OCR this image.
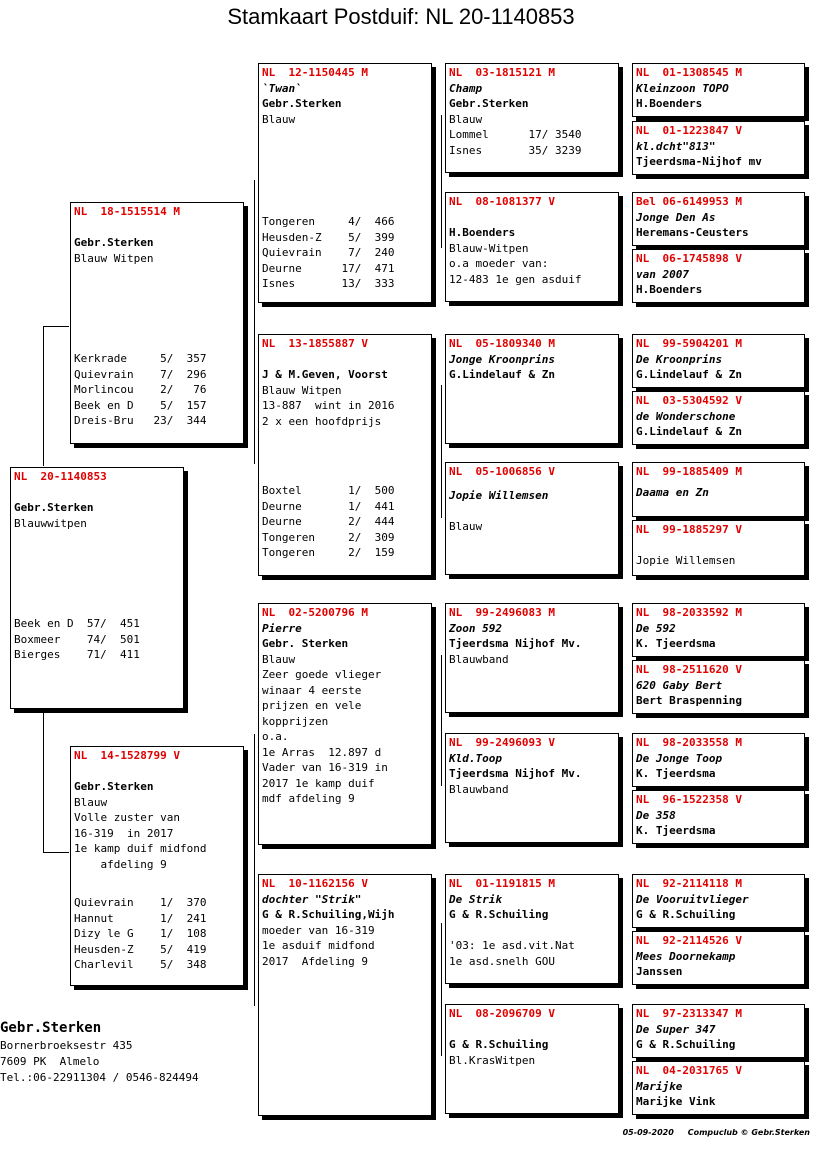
Stamkaart Postduif: NL 20-1140853
NL  20-1140853
Gebr.Sterken
Blauwwitpen
Beek en D  57/  451
Boxmeer    74/  501
Bierges    71/  411
NL  18-1515514 M
Gebr.Sterken
Blauw Witpen
Kerkrade     5/  357
Quievrain    7/  296
Morlincou    2/   76
Beek en D    5/  157
Dreis-Bru   23/  344
NL  14-1528799 V
Gebr.Sterken
Blauw
Volle zuster van
16-319  in 2017
1e kamp duif midfond
afdeling 9
Quievrain    1/  370
Hannut       1/  241
Dizy le G    1/  108
Heusden-Z    5/  419
Charlevil    5/  348
NL  12-1150445 M
`Twan`
Gebr.Sterken
Blauw
Tongeren     4/  466
Heusden-Z    5/  399
Quievrain    7/  240
Deurne      17/  471
Isnes       13/  333
NL  13-1855887 V
J & M.Geven, Voorst
Blauw Witpen
13-887  wint in 2016
2 x een hoofdprijs
Boxtel       1/  500
Deurne       1/  441
Deurne       2/  444
Tongeren     2/  309
Tongeren     2/  159
NL  02-5200796 M
Pierre
Gebr. Sterken
Blauw
Zeer goede vlieger
winaar 4 eerste
prijzen en vele
kopprijzen
o.a.
1e Arras  12.897 d
Vader van 16-319 in
2017 1e kamp duif
mdf afdeling 9
NL  10-1162156 V
dochter "Strik"
G & R.Schuiling,Wijh
moeder van 16-319
1e asduif midfond
2017  Afdeling 9
NL  03-1815121 M
Champ
Gebr.Sterken
Blauw
Lommel      17/ 3540
Isnes       35/ 3239
NL  08-1081377 V
H.Boenders
Blauw-Witpen
o.a moeder van:
12-483 1e gen asduif
NL  05-1809340 M
Jonge Kroonprins
G.Lindelauf & Zn
NL  05-1006856 V
Jopie Willemsen
Blauw
NL  99-2496083 M
Zoon 592
Tjeerdsma Nijhof Mv.
Blauwband
NL  99-2496093 V
Kld.Toop
Tjeerdsma Nijhof Mv.
Blauwband
NL  01-1191815 M
De Strik
G & R.Schuiling
'03: 1e asd.vit.Nat
1e asd.snelh GOU
NL  08-2096709 V
G & R.Schuiling
Bl.KrasWitpen
NL  01-1308545 M
Kleinzoon TOPO
H.Boenders
NL  01-1223847 V
kl.dcht"813"
Tjeerdsma-Nijhof mv
Bel 06-6149953 M
Jonge Den As
Heremans-Ceusters
NL  06-1745898 V
van 2007
H.Boenders
NL  99-5904201 M
De Kroonprins
G.Lindelauf & Zn
NL  03-5304592 V
de Wonderschone
G.Lindelauf & Zn
NL  99-1885409 M
Daama en Zn
NL  99-1885297 V
Jopie Willemsen
NL  98-2033592 M
De 592
K. Tjeerdsma
NL  98-2511620 V
620 Gaby Bert
Bert Braspenning
NL  98-2033558 M
De Jonge Toop
K. Tjeerdsma
NL  96-1522358 V
De 358
K. Tjeerdsma
NL  92-2114118 M
De Vooruitvlieger
G & R.Schuiling
NL  92-2114526 V
Mees Doornekamp
Janssen
NL  97-2313347 M
De Super 347
G & R.Schuiling
NL  04-2031765 V
Marijke
Marijke Vink
Gebr.Sterken
Bornerbroeksestr 435
7609 PK  Almelo
Tel.:06-22911304 / 0546-824494
05-09-2020 Compuclub © Gebr.Sterken
